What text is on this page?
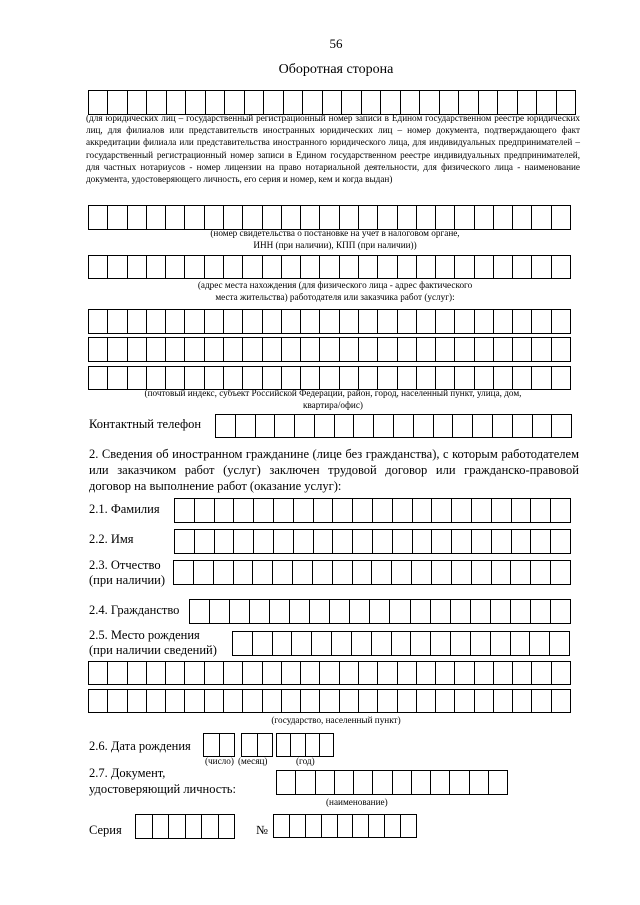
56
Оборотная сторона
(для юридических лиц – государственный регистрационный номер записи в Едином государственном реестре юридических лиц, для филиалов или представительств иностранных юридических лиц – номер документа, подтверждающего факт аккредитации филиала или представительства иностранного юридического лица, для индивидуальных предпринимателей – государственный регистрационный номер записи в Едином государственном реестре индивидуальных предпринимателей, для частных нотариусов - номер лицензии на право нотариальной деятельности, для физического лица - наименование документа, удостоверяющего личность, его серия и номер, кем и когда выдан)
(номер свидетельства о постановке на учет в налоговом органе,
ИНН (при наличии), КПП (при наличии))
(адрес места нахождения (для физического лица - адрес фактического
места жительства) работодателя или заказчика работ (услуг):
(почтовый индекс, субъект Российской Федерации, район, город, населенный пункт, улица, дом,
квартира/офис)
Контактный телефон
2. Сведения об иностранном гражданине (лице без гражданства), с которым работодателем или заказчиком работ (услуг) заключен трудовой договор или гражданско-правовой договор на выполнение работ (оказание услуг):
2.1. Фамилия
2.2. Имя
2.3. Отчество
(при наличии)
2.4. Гражданство
2.5. Место рождения
(при наличии сведений)
(государство, населенный пункт)
2.6. Дата рождения
(число) (месяц)	(год)
2.7. Документ,
удостоверяющий личность:
(наименование)
Серия	№
